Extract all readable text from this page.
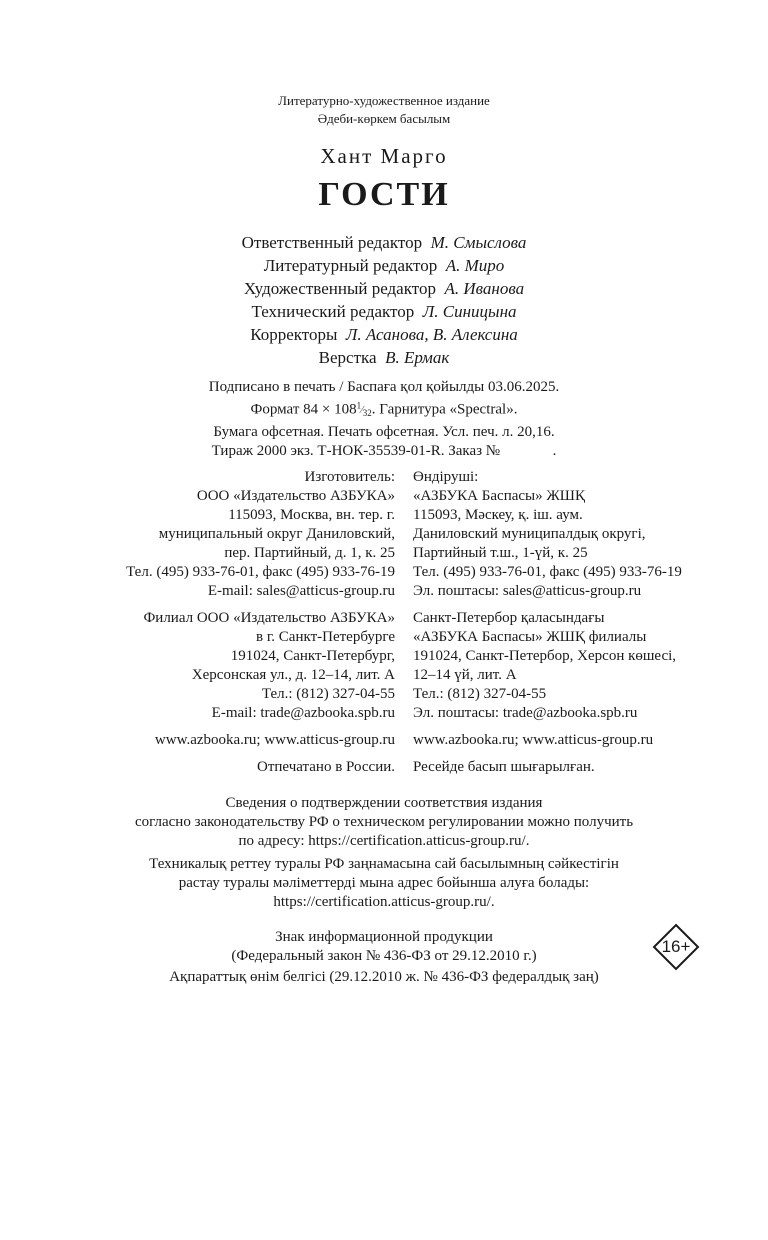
Литературно-художественное издание
Әдеби-көркем басылым
Хант Марго
ГОСТИ
Ответственный редактор М. Смыслова
Литературный редактор А. Миро
Художественный редактор А. Иванова
Технический редактор Л. Синицына
Корректоры Л. Асанова, В. Алексина
Верстка В. Ермак
Подписано в печать / Баспаға қол қойылды 03.06.2025.
Формат $84 \times 108^1⁄_{32}$. Гарнитура «Spectral».
Бумага офсетная. Печать офсетная. Усл. печ. л. 20,16.
Тираж 2000 экз. Т-НОК-35539-01-R. Заказ №              .
Изготовитель:
ООО «Издательство АЗБУКА»
115093, Москва, вн. тер. г.
муниципальный округ Даниловский,
пер. Партийный, д. 1, к. 25
Тел. (495) 933-76-01, факс (495) 933-76-19
E-mail: sales@atticus-group.ru
Филиал ООО «Издательство АЗБУКА»
в г. Санкт-Петербурге
191024, Санкт-Петербург,
Херсонская ул., д. 12–14, лит. А
Тел.: (812) 327-04-55
E-mail: trade@azbooka.spb.ru
www.azbooka.ru; www.atticus-group.ru
Отпечатано в России.
Өндіруші:
«АЗБУКА Баспасы» ЖШҚ
115093, Мәскеу, қ. іш. аум.
Даниловский муниципалдық округі,
Партийный т.ш., 1-үй, к. 25
Тел. (495) 933-76-01, факс (495) 933-76-19
Эл. поштасы: sales@atticus-group.ru
Санкт-Петербор қаласындағы
«АЗБУКА Баспасы» ЖШҚ филиалы
191024, Санкт-Петербор, Херсон көшесі,
12–14 үй, лит. А
Тел.: (812) 327-04-55
Эл. поштасы: trade@azbooka.spb.ru
www.azbooka.ru; www.atticus-group.ru
Ресейде басып шығарылған.
Сведения о подтверждении соответствия издания
согласно законодательству РФ о техническом регулировании можно получить
по адресу: https://certification.atticus-group.ru/.
Техникалық реттеу туралы РФ заңнамасына сай басылымның сәйкестігін
растау туралы мәліметтерді мына адрес бойынша алуға болады:
https://certification.atticus-group.ru/.
Знак информационной продукции
(Федеральный закон № 436-ФЗ от 29.12.2010 г.)
Ақпараттық өнім белгісі (29.12.2010 ж. № 436-ФЗ федералдық заң)
16+
